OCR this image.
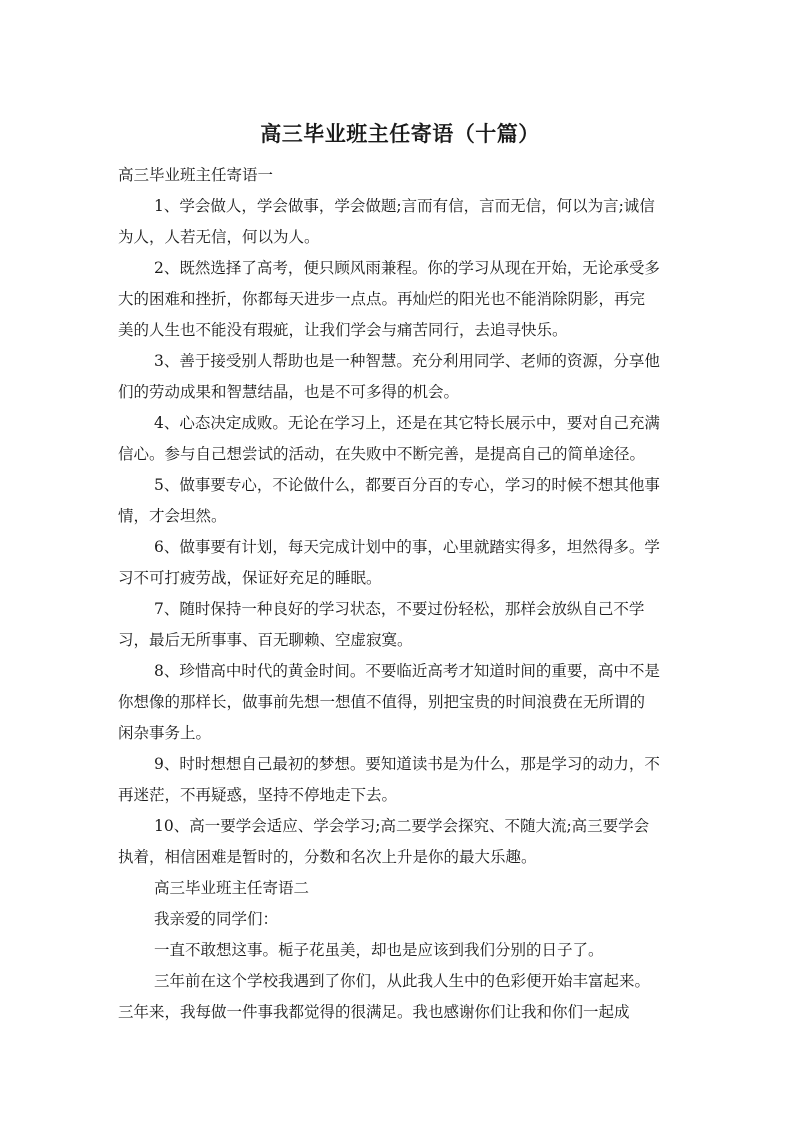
高三毕业班主任寄语（十篇）

高三毕业班主任寄语一

1、学会做人，学会做事，学会做题;言而有信，言而无信，何以为言;诚信

为人，人若无信，何以为人。

2、既然选择了高考，便只顾风雨兼程。你的学习从现在开始，无论承受多

大的困难和挫折，你都每天进步一点点。再灿烂的阳光也不能消除阴影，再完

美的人生也不能没有瑕疵，让我们学会与痛苦同行，去追寻快乐。

3、善于接受别人帮助也是一种智慧。充分利用同学、老师的资源，分享他

们的劳动成果和智慧结晶，也是不可多得的机会。

4、心态决定成败。无论在学习上，还是在其它特长展示中，要对自己充满

信心。参与自己想尝试的活动，在失败中不断完善，是提高自己的简单途径。

5、做事要专心，不论做什么，都要百分百的专心，学习的时候不想其他事

情，才会坦然。

6、做事要有计划，每天完成计划中的事，心里就踏实得多，坦然得多。学

习不可打疲劳战，保证好充足的睡眠。

7、随时保持一种良好的学习状态，不要过份轻松，那样会放纵自己不学

习，最后无所事事、百无聊赖、空虚寂寞。

8、珍惜高中时代的黄金时间。不要临近高考才知道时间的重要，高中不是

你想像的那样长，做事前先想一想值不值得，别把宝贵的时间浪费在无所谓的

闲杂事务上。

9、时时想想自己最初的梦想。要知道读书是为什么，那是学习的动力，不

再迷茫，不再疑惑，坚持不停地走下去。

10、高一要学会适应、学会学习;高二要学会探究、不随大流;高三要学会

执着，相信困难是暂时的，分数和名次上升是你的最大乐趣。

高三毕业班主任寄语二

我亲爱的同学们：

一直不敢想这事。栀子花虽美，却也是应该到我们分别的日子了。

三年前在这个学校我遇到了你们，从此我人生中的色彩便开始丰富起来。

三年来，我每做一件事我都觉得的很满足。我也感谢你们让我和你们一起成
